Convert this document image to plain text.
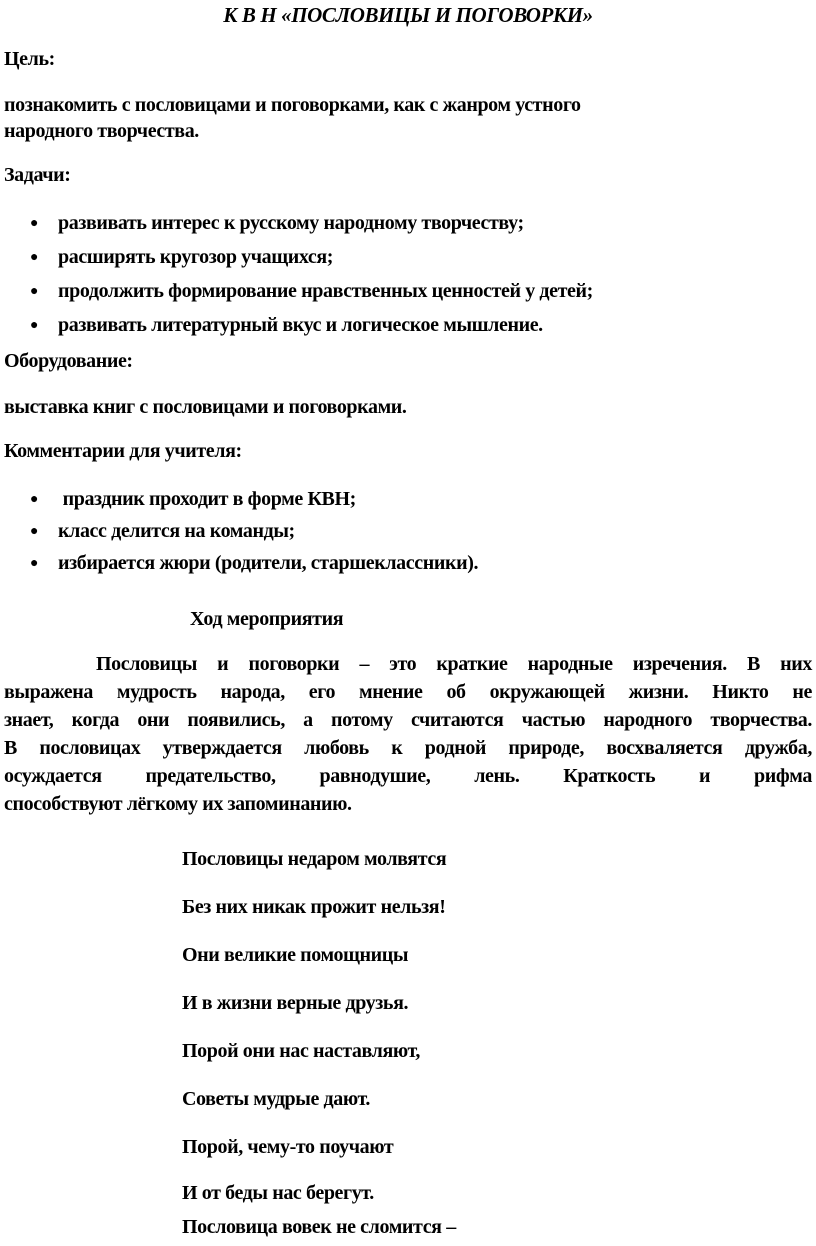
К В Н «ПОСЛОВИЦЫ И ПОГОВОРКИ»
Цель:
познакомить с пословицами и поговорками, как с жанром устного
народного творчества.
Задачи:
● развивать интерес к русскому народному творчеству;
● расширять кругозор учащихся;
● продолжить формирование нравственных ценностей у детей;
● развивать литературный вкус и логическое мышление.
Оборудование:
выставка книг с пословицами и поговорками.
Комментарии для учителя:
● праздник проходит в форме КВН;
● класс делится на команды;
● избирается жюри (родители, старшеклассники).
Ход мероприятия
Пословицы и поговорки – это краткие народные изречения. В них
выражена мудрость народа, его мнение об окружающей жизни. Никто не
знает, когда они появились, а потому считаются частью народного творчества.
В пословицах утверждается любовь к родной природе, восхваляется дружба,
осуждается предательство, равнодушие, лень. Краткость и рифма
способствуют лёгкому их запоминанию.
Пословицы недаром молвятся
Без них никак прожит нельзя!
Они великие помощницы
И в жизни верные друзья.
Порой они нас наставляют,
Советы мудрые дают.
Порой, чему-то поучают
И от беды нас берегут.
Пословица вовек не сломится –
